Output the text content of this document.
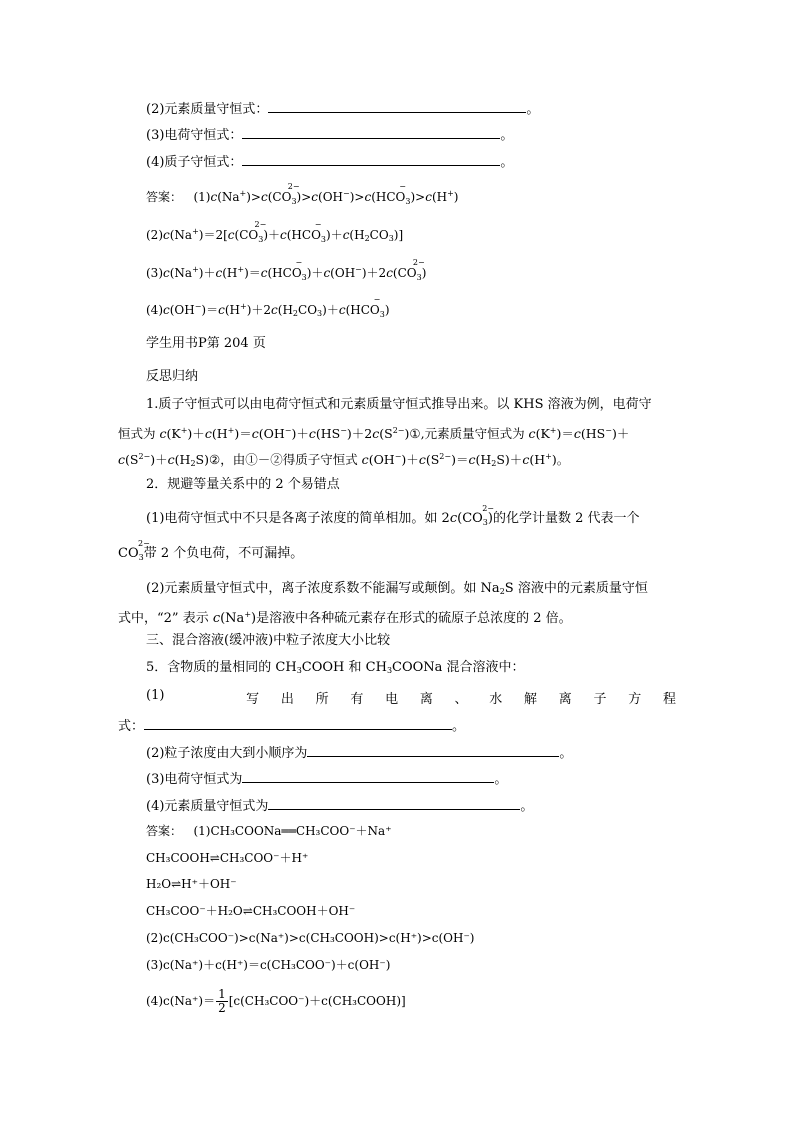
(2)元素质量守恒式：	。
(3)电荷守恒式：	。
(4)质子守恒式：	。
答案： (1)c(Na+)>c(CO
2−
$_3$)>c(OH−)>c(HCO
−
$_3$)>c(H+)
(2)c(Na+)＝2[c(CO
2−
$_3$)＋c(HCO
−
$_3)+c(H_2CO_3)$]
(3)c(Na+)＋c(H+)＝c(HCO
−
$_3$)＋c(OH−)＋2c(CO
2−
$_3$)
$(4)c(OH^-)=c(H^+)+2c(H_2CO_3)+c(HCO$
−
$_3$)
学生用书P第 204 页
反思归纳
1.质子守恒式可以由电荷守恒式和元素质量守恒式推导出来。以 KHS 溶液为例，电荷守
恒式为 $c(K^+)+c(H^+)=c(OH^-)+c(HS^-)+2c(S^{2-})①$,元素质量守恒式为 c(K+)＝c(HS−)＋
$c(S^{2-})+c(H_2S)②$，由①－②得质子守恒式 $c(OH^-)+c(S^{2-})=c(H_2S)+c(H^+)$。
2．规避等量关系中的 2 个易错点
(1)电荷守恒式中不只是各离子浓度的简单相加。如 2c(CO
2−
$_3$)的化学计量数 2 代表一个
CO
2−
$_3$带 2 个负电荷，不可漏掉。
(2)元素质量守恒式中，离子浓度系数不能漏写或颠倒。如 $Na_2S$ 溶液中的元素质量守恒
式中，“2” 表示 c(Na+)是溶液中各种硫元素存在形式的硫原子总浓度的 2 倍。
三、混合溶液(缓冲液)中粒子浓度大小比较
5．含物质的量相同的 $CH_3COOH$ 和 $CH_3COONa$ 混合溶液中：
(1)	写 出 所 有 电 离 、 水 解 离 子 方 程
式：	。
(2)粒子浓度由大到小顺序为	。
(3)电荷守恒式为	。
(4)元素质量守恒式为	。
答案： (1)CH₃COONa══CH₃COO⁻＋Na⁺
CH₃COOH⇌CH₃COO⁻＋H⁺
H₂O⇌H⁺＋OH⁻
CH₃COO⁻＋H₂O⇌CH₃COOH＋OH⁻
(2)c(CH₃COO⁻)>c(Na⁺)>c(CH₃COOH)>c(H⁺)>c(OH⁻)
(3)c(Na⁺)＋c(H⁺)＝c(CH₃COO⁻)＋c(OH⁻)
$(4)c(Na^+)= \frac{1}{2}$ [c(CH₃COO⁻)＋c(CH₃COOH)]
